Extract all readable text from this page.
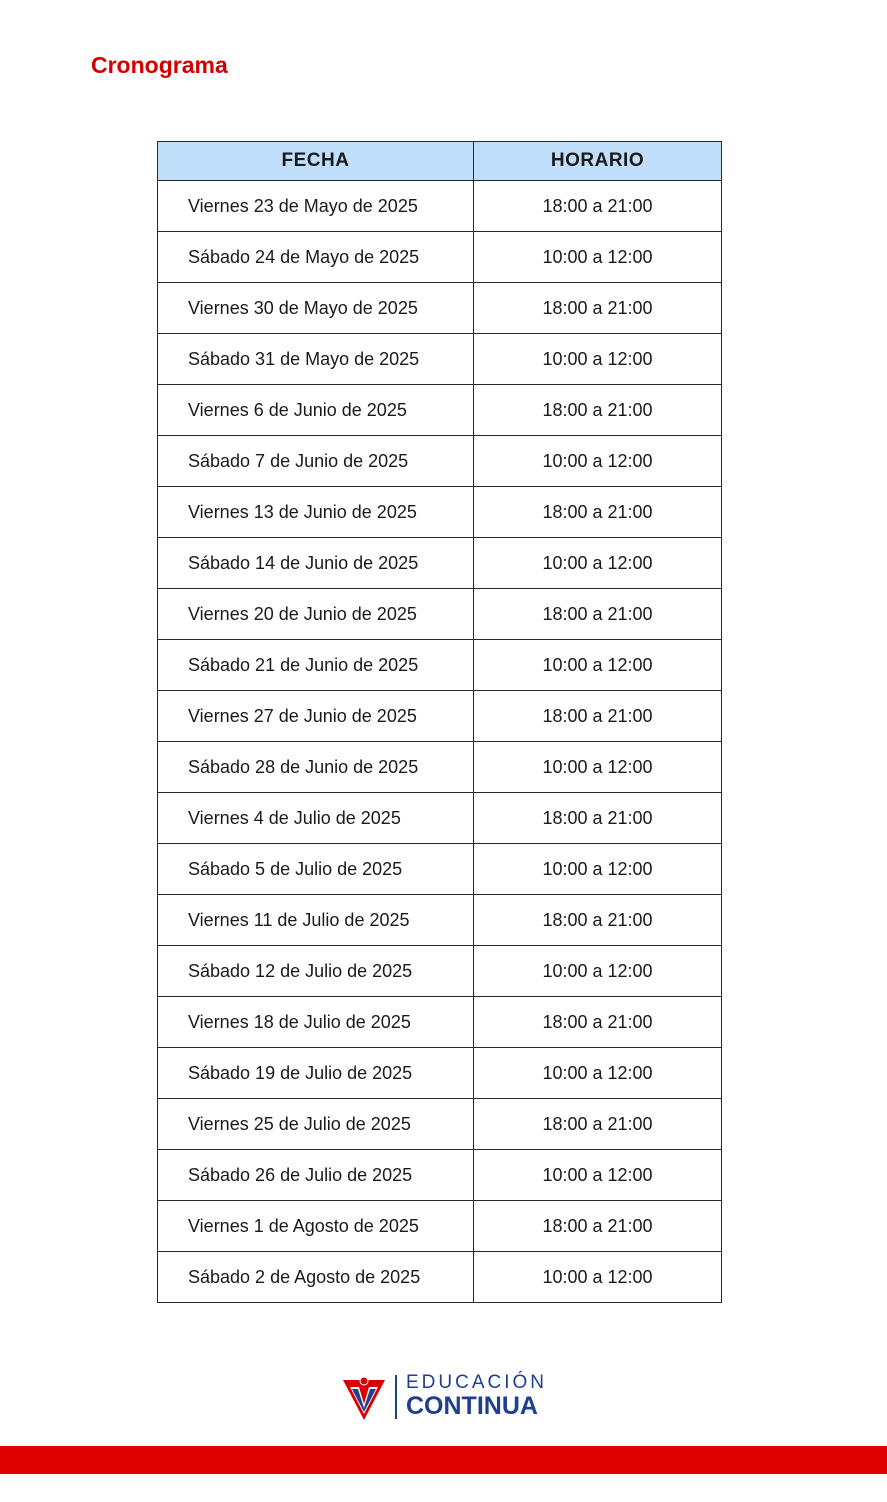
Cronograma
FECHA	HORARIO
Viernes 23 de Mayo de 2025	18:00 a 21:00
Sábado 24 de Mayo de 2025	10:00 a 12:00
Viernes 30 de Mayo de 2025	18:00 a 21:00
Sábado 31 de Mayo de 2025	10:00 a 12:00
Viernes 6 de Junio de 2025	18:00 a 21:00
Sábado 7 de Junio de 2025	10:00 a 12:00
Viernes 13 de Junio de 2025	18:00 a 21:00
Sábado 14 de Junio de 2025	10:00 a 12:00
Viernes 20 de Junio de 2025	18:00 a 21:00
Sábado 21 de Junio de 2025	10:00 a 12:00
Viernes 27 de Junio de 2025	18:00 a 21:00
Sábado 28 de Junio de 2025	10:00 a 12:00
Viernes 4 de Julio de 2025	18:00 a 21:00
Sábado 5 de Julio de 2025	10:00 a 12:00
Viernes 11 de Julio de 2025	18:00 a 21:00
Sábado 12 de Julio de 2025	10:00 a 12:00
Viernes 18 de Julio de 2025	18:00 a 21:00
Sábado 19 de Julio de 2025	10:00 a 12:00
Viernes 25 de Julio de 2025	18:00 a 21:00
Sábado 26 de Julio de 2025	10:00 a 12:00
Viernes 1 de Agosto de 2025	18:00 a 21:00
Sábado 2 de Agosto de 2025	10:00 a 12:00
EDUCACIÓN
CONTINUA
